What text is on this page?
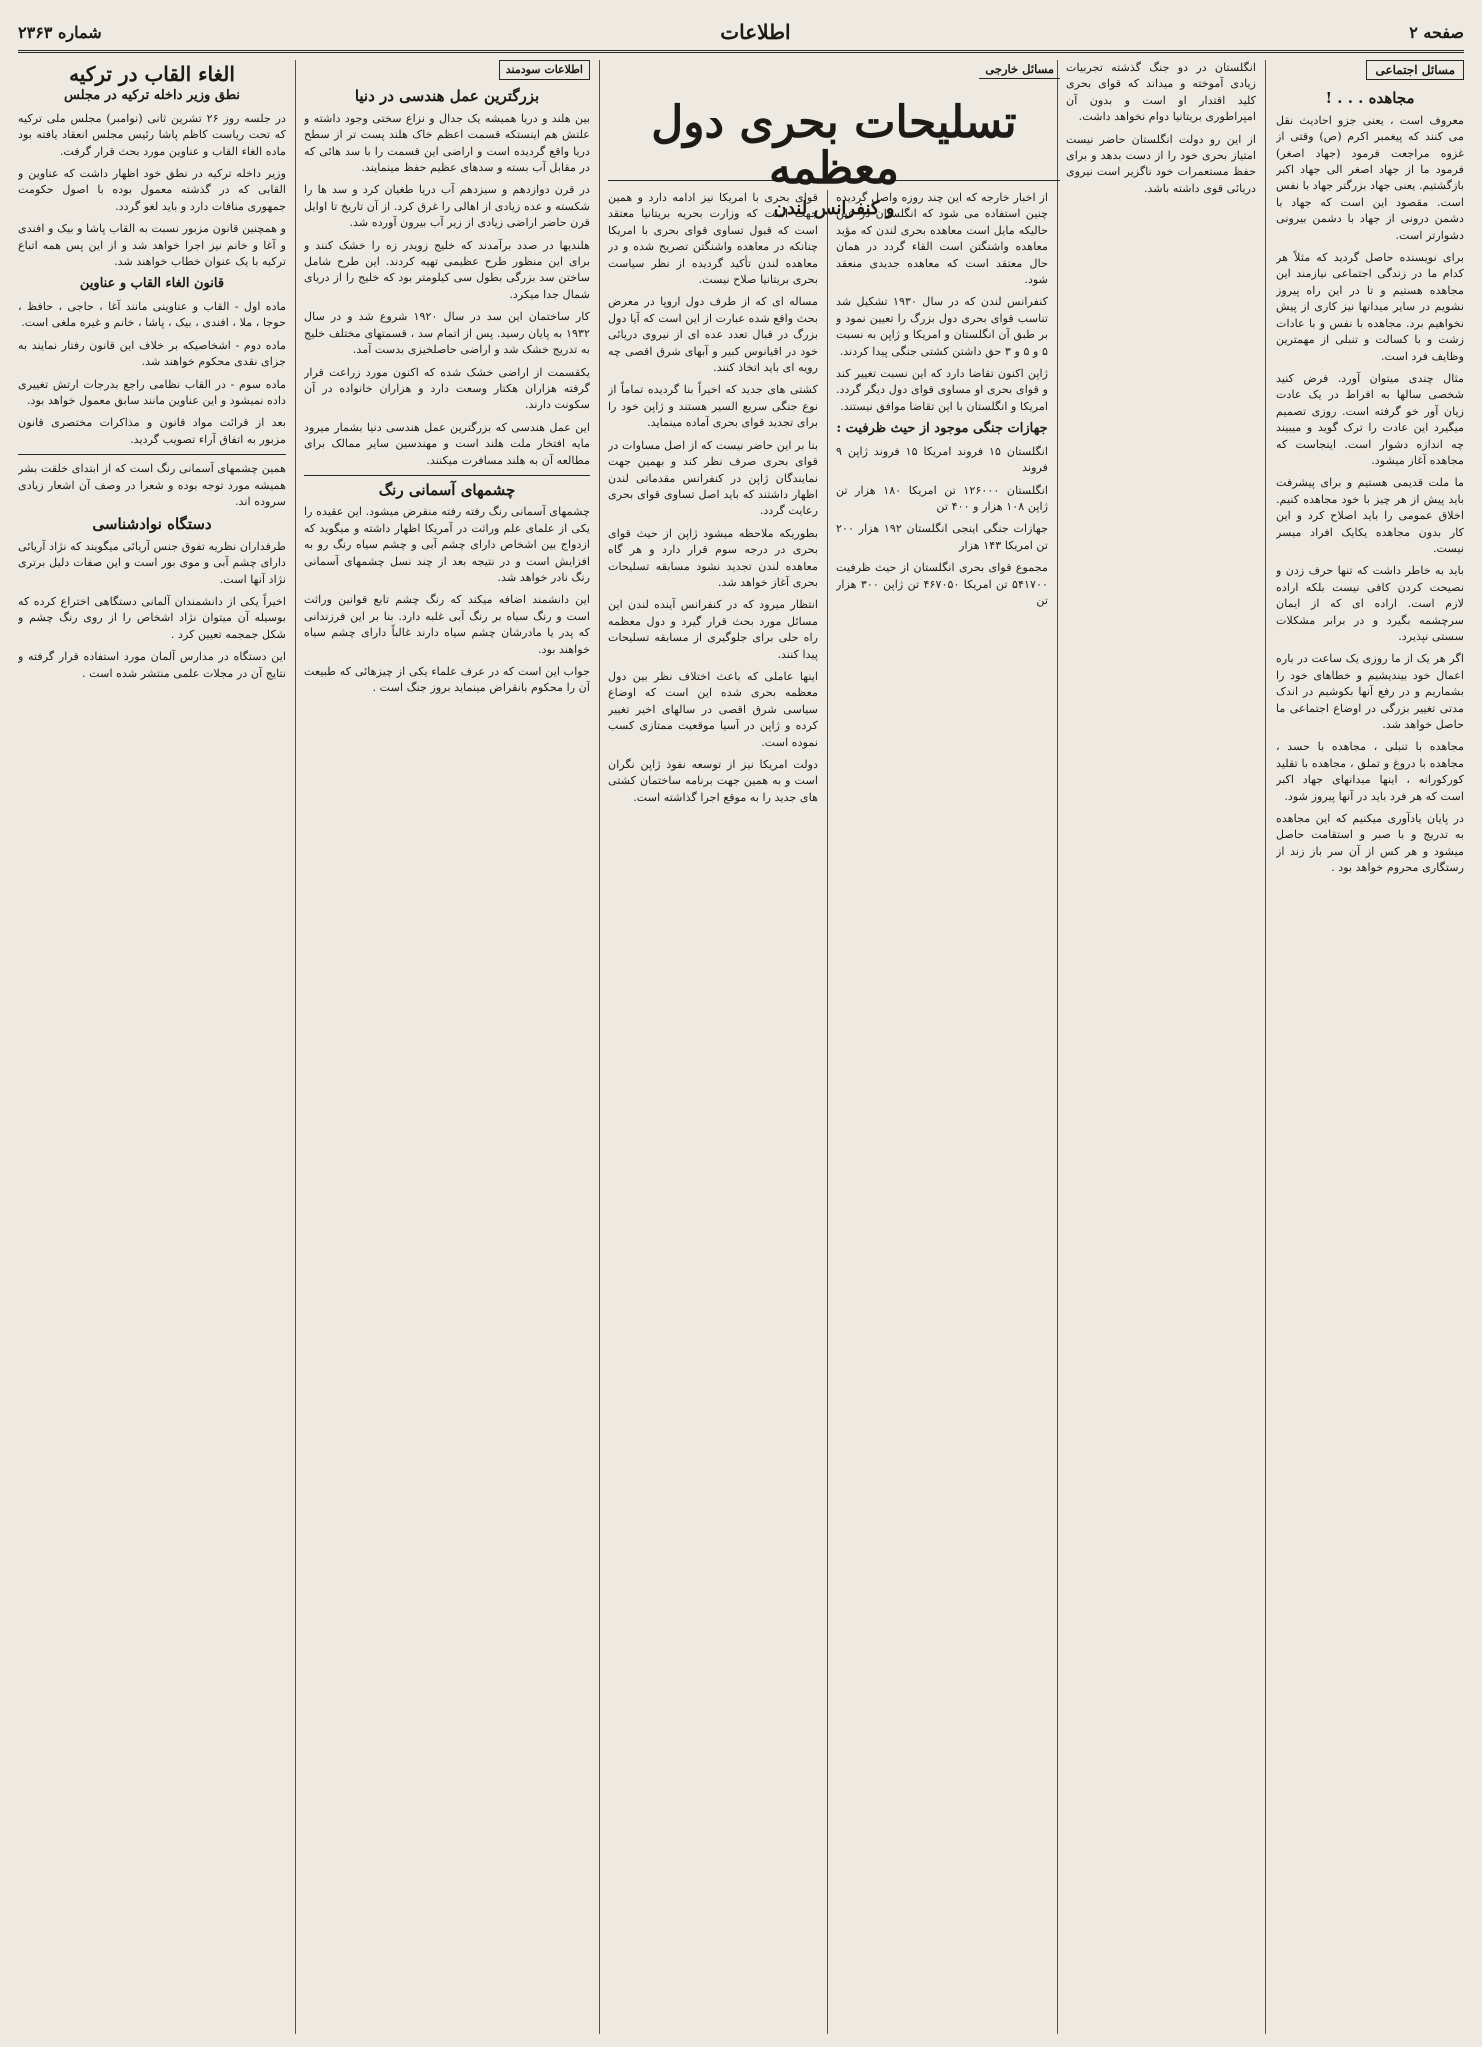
صفحه ۲
اطلاعات
شماره ۲۳۶۳
مسائل اجتماعی
مجاهده . . . !

معروف است ، یعنی جزو احادیث نقل می کنند که پیغمبر اکرم (ص) وقتی از غزوه مراجعت فرمود (جهاد اصغر) فرمود ما از جهاد اصغر الی جهاد اکبر بازگشتیم. یعنی جهاد بزرگتر جهاد با نفس است. مقصود این است که جهاد با دشمن درونی از جهاد با دشمن بیرونی دشوارتر است.

برای نویسنده حاصل گردید که مثلاً هر کدام ما در زندگی اجتماعی نیازمند این مجاهده هستیم و تا در این راه پیروز نشویم در سایر میدانها نیز کاری از پیش نخواهیم برد. مجاهده با نفس و با عادات زشت و با کسالت و تنبلی از مهمترین وظایف فرد است.

مثال چندی میتوان آورد. فرض کنید شخصی سالها به افراط در یک عادت زیان آور خو گرفته است. روزی تصمیم میگیرد این عادت را ترک گوید و میبیند چه اندازه دشوار است. اینجاست که مجاهده آغاز میشود.

ما ملت قدیمی هستیم و برای پیشرفت باید پیش از هر چیز با خود مجاهده کنیم. اخلاق عمومی را باید اصلاح کرد و این کار بدون مجاهده یکایک افراد میسر نیست.

باید به خاطر داشت که تنها حرف زدن و نصیحت کردن کافی نیست بلکه اراده لازم است. اراده ای که از ایمان سرچشمه بگیرد و در برابر مشکلات سستی نپذیرد.

اگر هر یک از ما روزی یک ساعت در باره اعمال خود بیندیشیم و خطاهای خود را بشماریم و در رفع آنها بکوشیم در اندک مدتی تغییر بزرگی در اوضاع اجتماعی ما حاصل خواهد شد.

مجاهده با تنبلی ، مجاهده با حسد ، مجاهده با دروغ و تملق ، مجاهده با تقلید کورکورانه ، اینها میدانهای جهاد اکبر است که هر فرد باید در آنها پیروز شود.

در پایان یادآوری میکنیم که این مجاهده به تدریج و با صبر و استقامت حاصل میشود و هر کس از آن سر باز زند از رستگاری محروم خواهد بود .

انگلستان در دو جنگ گذشته تجربیات زیادی آموخته و میداند که قوای بحری کلید اقتدار او است و بدون آن امپراطوری بریتانیا دوام نخواهد داشت.

از این رو دولت انگلستان حاضر نیست امتیاز بحری خود را از دست بدهد و برای حفظ مستعمرات خود ناگزیر است نیروی دریائی قوی داشته باشد.

مسائل خارجی
تسلیحات بحری دول معظمه
و کنفرانس لندن

از اخبار خارجه که این چند روزه واصل گردیده چنین استفاده می شود که انگلستان در عین حالیکه مایل است معاهده بحری لندن که مؤید معاهده واشنگتن است القاء گردد در همان حال معتقد است که معاهده جدیدی منعقد شود.

کنفرانس لندن که در سال ۱۹۳۰ تشکیل شد تناسب قوای بحری دول بزرگ را تعیین نمود و بر طبق آن انگلستان و امریکا و ژاپن به نسبت ۵ و ۵ و ۳ حق داشتن کشتی جنگی پیدا کردند.

ژاپن اکنون تقاضا دارد که این نسبت تغییر کند و قوای بحری او مساوی قوای دول دیگر گردد. امریکا و انگلستان با این تقاضا موافق نیستند.

جهازات جنگی موجود از حیث ظرفیت :

انگلستان ۱۵ فروند امریکا ۱۵ فروند ژاپن ۹ فروند

انگلستان ۱۲۶۰۰۰ تن امریکا ۱۸۰ هزار تن ژاپن ۱۰۸ هزار و ۴۰۰ تن

جهازات جنگی اینجی انگلستان ۱۹۲ هزار ۲۰۰ تن امریکا ۱۴۳ هزار

مجموع قوای بحری انگلستان از حیث ظرفیت ۵۴۱۷۰۰ تن امریکا ۴۶۷۰۵۰ تن ژاپن ۳۰۰ هزار تن

قوای بحری با امریکا نیز ادامه دارد و همین جهت است که وزارت بحریه بریتانیا معتقد است که قبول تساوی قوای بحری با امریکا چنانکه در معاهده واشنگتن تصریح شده و در معاهده لندن تأکید گردیده از نظر سیاست بحری بریتانیا صلاح نیست.

مساله ای که از طرف دول اروپا در معرض بحث واقع شده عبارت از این است که آیا دول بزرگ در قبال تعدد عده ای از نیروی دریائی خود در اقیانوس کبیر و آبهای شرق اقصی چه رویه ای باید اتخاذ کنند.

کشتی های جدید که اخیراً بنا گردیده تماماً از نوع جنگی سریع السیر هستند و ژاپن خود را برای تجدید قوای بحری آماده مینماید.

بنا بر این حاضر نیست که از اصل مساوات در قوای بحری صرف نظر کند و بهمین جهت نمایندگان ژاپن در کنفرانس مقدماتی لندن اظهار داشتند که باید اصل تساوی قوای بحری رعایت گردد.

بطوریکه ملاحظه میشود ژاپن از حیث قوای بحری در درجه سوم قرار دارد و هر گاه معاهده لندن تجدید نشود مسابقه تسلیحات بحری آغاز خواهد شد.

انتظار میرود که در کنفرانس آینده لندن این مسائل مورد بحث قرار گیرد و دول معظمه راه حلی برای جلوگیری از مسابقه تسلیحات پیدا کنند.

اینها عاملی که باعث اختلاف نظر بین دول معظمه بحری شده این است که اوضاع سیاسی شرق اقصی در سالهای اخیر تغییر کرده و ژاپن در آسیا موقعیت ممتازی کسب نموده است.

دولت امریکا نیز از توسعه نفوذ ژاپن نگران است و به همین جهت برنامه ساختمان کشتی های جدید را به موقع اجرا گذاشته است.

اطلاعات سودمند
بزرگترین عمل هندسی در دنیا

بین هلند و دریا همیشه یک جدال و نزاع سختی وجود داشته و علتش هم اینستکه قسمت اعظم خاک هلند پست تر از سطح دریا واقع گردیده است و اراضی این قسمت را با سد هائی که در مقابل آب بسته و سدهای عظیم حفظ مینمایند.

در قرن دوازدهم و سیزدهم آب دریا طغیان کرد و سد ها را شکسته و عده زیادی از اهالی را غرق کرد. از آن تاریخ تا اوایل قرن حاضر اراضی زیادی از زیر آب بیرون آورده شد.

هلندیها در صدد برآمدند که خلیج زویدر زه را خشک کنند و برای این منظور طرح عظیمی تهیه کردند. این طرح شامل ساختن سد بزرگی بطول سی کیلومتر بود که خلیج را از دریای شمال جدا میکرد.

کار ساختمان این سد در سال ۱۹۲۰ شروع شد و در سال ۱۹۳۲ به پایان رسید. پس از اتمام سد ، قسمتهای مختلف خلیج به تدریج خشک شد و اراضی حاصلخیزی بدست آمد.

یکقسمت از اراضی خشک شده که اکنون مورد زراعت قرار گرفته هزاران هکتار وسعت دارد و هزاران خانواده در آن سکونت دارند.

این عمل هندسی که بزرگترین عمل هندسی دنیا بشمار میرود مایه افتخار ملت هلند است و مهندسین سایر ممالک برای مطالعه آن به هلند مسافرت میکنند.

چشمهای آسمانی رنگ

چشمهای آسمانی رنگ رفته رفته منقرض میشود. این عقیده را یکی از علمای علم وراثت در آمریکا اظهار داشته و میگوید که ازدواج بین اشخاص دارای چشم آبی و چشم سیاه رنگ رو به افزایش است و در نتیجه بعد از چند نسل چشمهای آسمانی رنگ نادر خواهد شد.

این دانشمند اضافه میکند که رنگ چشم تابع قوانین وراثت است و رنگ سیاه بر رنگ آبی غلبه دارد. بنا بر این فرزندانی که پدر یا مادرشان چشم سیاه دارند غالباً دارای چشم سیاه خواهند بود.

جواب این است که در عرف علماء یکی از چیزهائی که طبیعت آن را محکوم بانقراض مینماید بروز جنگ است .

الغاء القاب در ترکیه
نطق وزیر داخله ترکیه در مجلس

در جلسه روز ۲۶ تشرین ثانی (نوامبر) مجلس ملی ترکیه که تحت ریاست کاظم پاشا رئیس مجلس انعقاد یافته بود ماده الغاء القاب و عناوین مورد بحث قرار گرفت.

وزیر داخله ترکیه در نطق خود اظهار داشت که عناوین و القابی که در گذشته معمول بوده با اصول حکومت جمهوری منافات دارد و باید لغو گردد.

و همچنین قانون مزبور نسبت به القاب پاشا و بیک و افندی و آغا و خانم نیز اجرا خواهد شد و از این پس همه اتباع ترکیه با یک عنوان خطاب خواهند شد.

قانون الغاء القاب و عناوین

ماده اول - القاب و عناوینی مانند آغا ، حاجی ، حافظ ، حوجا ، ملا ، افندی ، بیک ، پاشا ، خانم و غیره ملغی است.

ماده دوم - اشخاصیکه بر خلاف این قانون رفتار نمایند به جزای نقدی محکوم خواهند شد.

ماده سوم - در القاب نظامی راجع بدرجات ارتش تغییری داده نمیشود و این عناوین مانند سابق معمول خواهد بود.

بعد از قرائت مواد قانون و مذاکرات مختصری قانون مزبور به اتفاق آراء تصویب گردید.

همین چشمهای آسمانی رنگ است که از ابتدای خلقت بشر همیشه مورد توجه بوده و شعرا در وصف آن اشعار زیادی سروده اند.

دستگاه نوادشناسی

طرفداران نظریه تفوق جنس آریائی میگویند که نژاد آریائی دارای چشم آبی و موی بور است و این صفات دلیل برتری نژاد آنها است.

اخیراً یکی از دانشمندان آلمانی دستگاهی اختراع کرده که بوسیله آن میتوان نژاد اشخاص را از روی رنگ چشم و شکل جمجمه تعیین کرد .

این دستگاه در مدارس آلمان مورد استفاده قرار گرفته و نتایج آن در مجلات علمی منتشر شده است .
